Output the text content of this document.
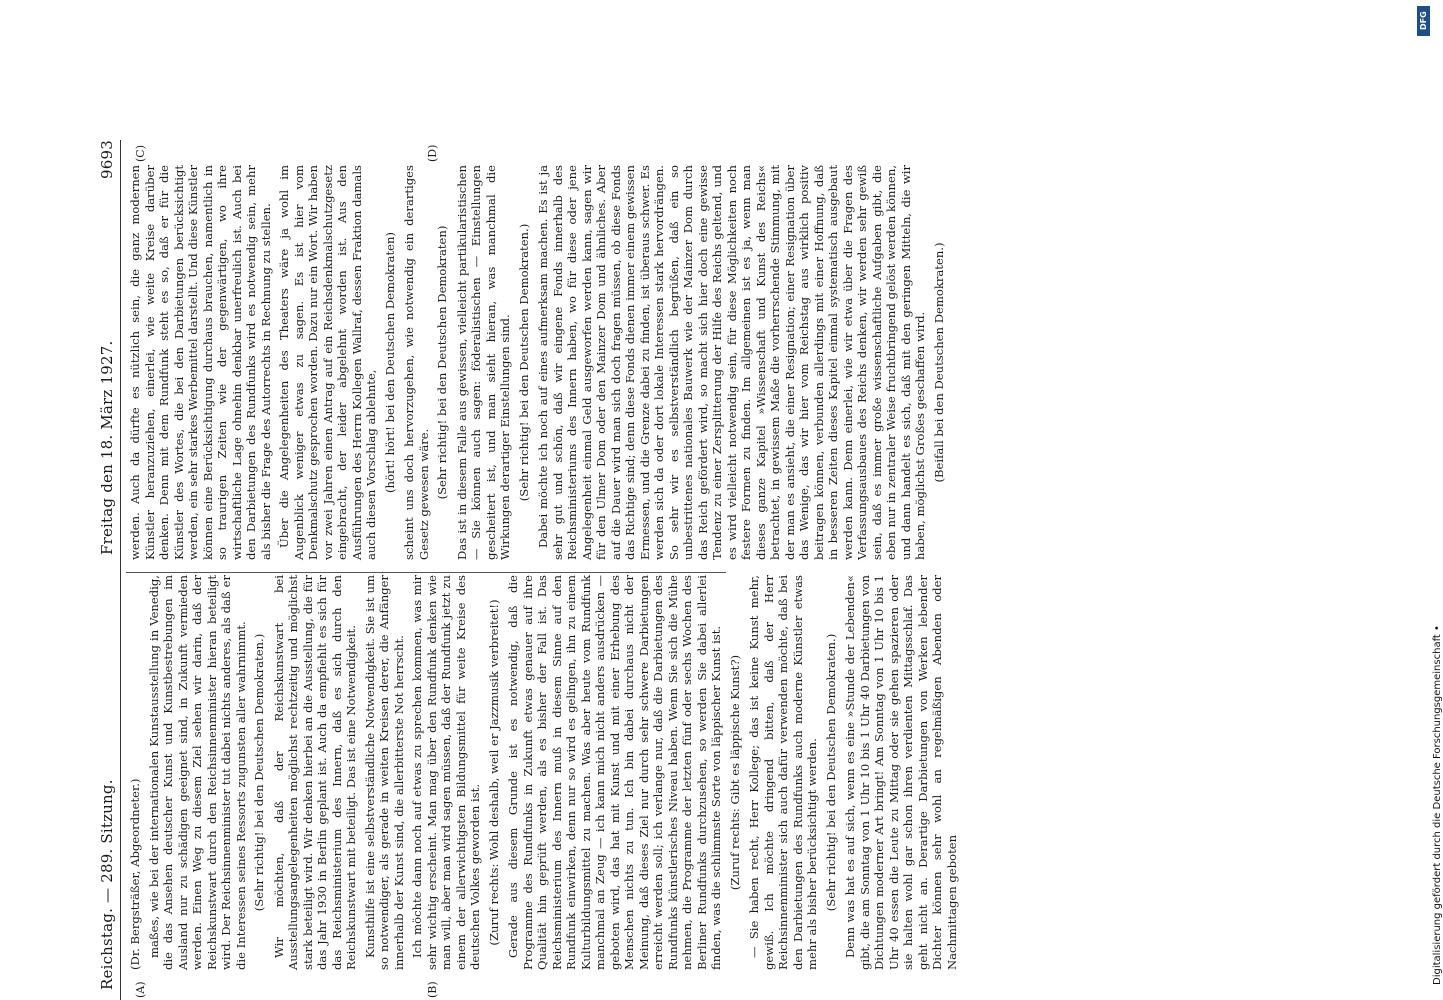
Reichstag. — 289. Sitzung.
Freitag den 18. März 1927.
9693
(A)	(B)
(C)	(D)

(Dr. Bergsträßer, Abgeordneter.) maßes, wie bei der internationalen Kunstausstellung in Venedig, die das Ansehen deutscher Kunst und Kunstbestrebungen im Ausland nur zu schädigen geeignet sind, in Zukunft vermieden werden. Einen Weg zu diesem Ziel sehen wir darin, daß der Reichskunstwart durch den Reichsinnenminister hieran beteiligt wird. Der Reichsinnenminister tut dabei nichts anderes, als daß er die Interessen seines Ressorts zugunsten aller wahrnimmt. (Sehr richtig! bei den Deutschen Demokraten.) Wir möchten, daß der Reichskunstwart bei Ausstellungsangelegenheiten möglichst rechtzeitig und möglichst stark beteiligt wird. Wir denken hierbei an die Ausstellung, die für das Jahr 1930 in Berlin geplant ist. Auch da empfiehlt es sich für das Reichsministerium des Innern, daß es sich durch den Reichskunstwart mit beteiligt. Das ist eine Notwendigkeit. Kunsthilfe ist eine selbstverständliche Notwendigkeit. Sie ist um so notwendiger, als gerade in weiten Kreisen derer, die Anfänger innerhalb der Kunst sind, die allerbitterste Not herrscht. Ich möchte dann noch auf etwas zu sprechen kommen, was mir sehr wichtig erscheint. Man mag über den Rundfunk denken wie man will, aber man wird sagen müssen, daß der Rundfunk jetzt zu einem der allerwichtigsten Bildungsmittel für weite Kreise des deutschen Volkes geworden ist. (Zuruf rechts: Wohl deshalb, weil er Jazzmusik verbreitet!) Gerade aus diesem Grunde ist es notwendig, daß die Programme des Rundfunks in Zukunft etwas genauer auf ihre Qualität hin geprüft werden, als es bisher der Fall ist. Das Reichsministerium des Innern muß in diesem Sinne auf den Rundfunk einwirken, denn nur so wird es gelingen, ihn zu einem Kulturbildungsmittel zu machen. Was aber heute vom Rundfunk manchmal an Zeug — ich kann mich nicht anders ausdrücken — geboten wird, das hat mit Kunst und mit einer Erhebung des Menschen nichts zu tun. Ich bin dabei durchaus nicht der Meinung, daß dieses Ziel nur durch sehr schwere Darbietungen erreicht werden soll; ich verlange nur, daß die Darbietungen des Rundfunks künstlerisches Niveau haben. Wenn Sie sich die Mühe nehmen, die Programme der letzten fünf oder sechs Wochen des Berliner Rundfunks durchzusehen, so werden Sie dabei allerlei finden, was die schlimmste Sorte von läppischer Kunst ist. (Zuruf rechts: Gibt es läppische Kunst?) — Sie haben recht, Herr Kollege; das ist keine Kunst mehr, gewiß. Ich möchte dringend bitten, daß der Herr Reichsinnenminister sich auch dafür verwenden möchte, daß bei den Darbietungen des Rundfunks auch moderne Künstler etwas mehr als bisher berücksichtigt werden. (Sehr richtig! bei den Deutschen Demokraten.) Denn was hat es auf sich, wenn es eine »Stunde der Lebenden« gibt, die am Sonntag von 1 Uhr 10 bis 1 Uhr 40 Darbietungen von Dichtungen moderner Art bringt! Am Sonntag von 1 Uhr 10 bis 1 Uhr 40 essen die Leute zu Mittag oder sie gehen spazieren oder sie halten wohl gar schon ihren verdienten Mittagsschlaf. Das geht nicht an. Derartige Darbietungen von Werken lebender Dichter können sehr wohl an regelmäßigen Abenden oder Nachmittagen geboten

werden. Auch da dürfte es nützlich sein, die ganz modernen Künstler heranzuziehen, einerlei, wie weite Kreise darüber denken. Denn mit dem Rundfunk steht es so, daß er für die Künstler des Wortes, die bei den Darbietungen berücksichtigt werden, ein sehr starkes Werbemittel darstellt. Und diese Künstler können eine Berücksichtigung durchaus brauchen, namentlich in so traurigen Zeiten wie der gegenwärtigen, wo ihre wirtschaftliche Lage ohnehin denkbar unerfreulich ist. Auch bei den Darbietungen des Rundfunks wird es notwendig sein, mehr als bisher die Frage des Autorrechts in Rechnung zu stellen. Über die Angelegenheiten des Theaters wäre ja wohl im Augenblick weniger etwas zu sagen. Es ist hier vom Denkmalschutz gesprochen worden. Dazu nur ein Wort. Wir haben vor zwei Jahren einen Antrag auf ein Reichsdenkmalschutzgesetz eingebracht, der leider abgelehnt worden ist. Aus den Ausführungen des Herrn Kollegen Wallraf, dessen Fraktion damals auch diesen Vorschlag ablehnte, (hört! hört! bei den Deutschen Demokraten) scheint uns doch hervorzugehen, wie notwendig ein derartiges Gesetz gewesen wäre. (Sehr richtig! bei den Deutschen Demokraten) Das ist in diesem Falle aus gewissen, vielleicht partikularistischen — Sie können auch sagen: föderalistischen — Einstellungen gescheitert ist, und man sieht hieran, was manchmal die Wirkungen derartiger Einstellungen sind. (Sehr richtig! bei den Deutschen Demokraten.) Dabei möchte ich noch auf eines aufmerksam machen. Es ist ja sehr gut und schön, daß wir eingene Fonds innerhalb des Reichsministeriums des Innern haben, wo für diese oder jene Angelegenheit einmal Geld ausgeworfen werden kann, sagen wir für den Ulmer Dom oder den Mainzer Dom und ähnliches. Aber auf die Dauer wird man sich doch fragen müssen, ob diese Fonds das Richtige sind; denn diese Fonds dienen immer einem gewissen Ermessen, und die Grenze dabei zu finden, ist überaus schwer. Es werden sich da oder dort lokale Interessen stark hervordrängen. So sehr wir es selbstverständlich begrüßen, daß ein so unbestrittenes nationales Bauwerk wie der Mainzer Dom durch das Reich gefördert wird, so macht sich hier doch eine gewisse Tendenz zu einer Zersplitterung der Hilfe des Reichs geltend, und es wird vielleicht notwendig sein, für diese Möglichkeiten noch festere Formen zu finden. Im allgemeinen ist es ja, wenn man dieses ganze Kapitel »Wissenschaft und Kunst des Reichs« betrachtet, in gewissem Maße die vorherrschende Stimmung, mit der man es ansieht, die einer Resignation; einer Resignation über das Wenige, das wir hier vom Reichstag aus wirklich positiv beitragen können, verbunden allerdings mit einer Hoffnung, daß in besseren Zeiten dieses Kapitel einmal systematisch ausgebaut werden kann. Denn einerlei, wie wir etwa über die Fragen des Verfassungsausbaues des Reichs denken, wir werden sehr gewiß sein, daß es immer große wissenschaftliche Aufgaben gibt, die eben nur in zentraler Weise fruchtbringend gelöst werden können, und dann handelt es sich, daß mit den geringen Mitteln, die wir haben, möglichst Großes geschaffen wird. (Beifall bei den Deutschen Demokraten.)

DFG
Digitalisierung gefördert durch die Deutsche Forschungsgemeinschaft •
